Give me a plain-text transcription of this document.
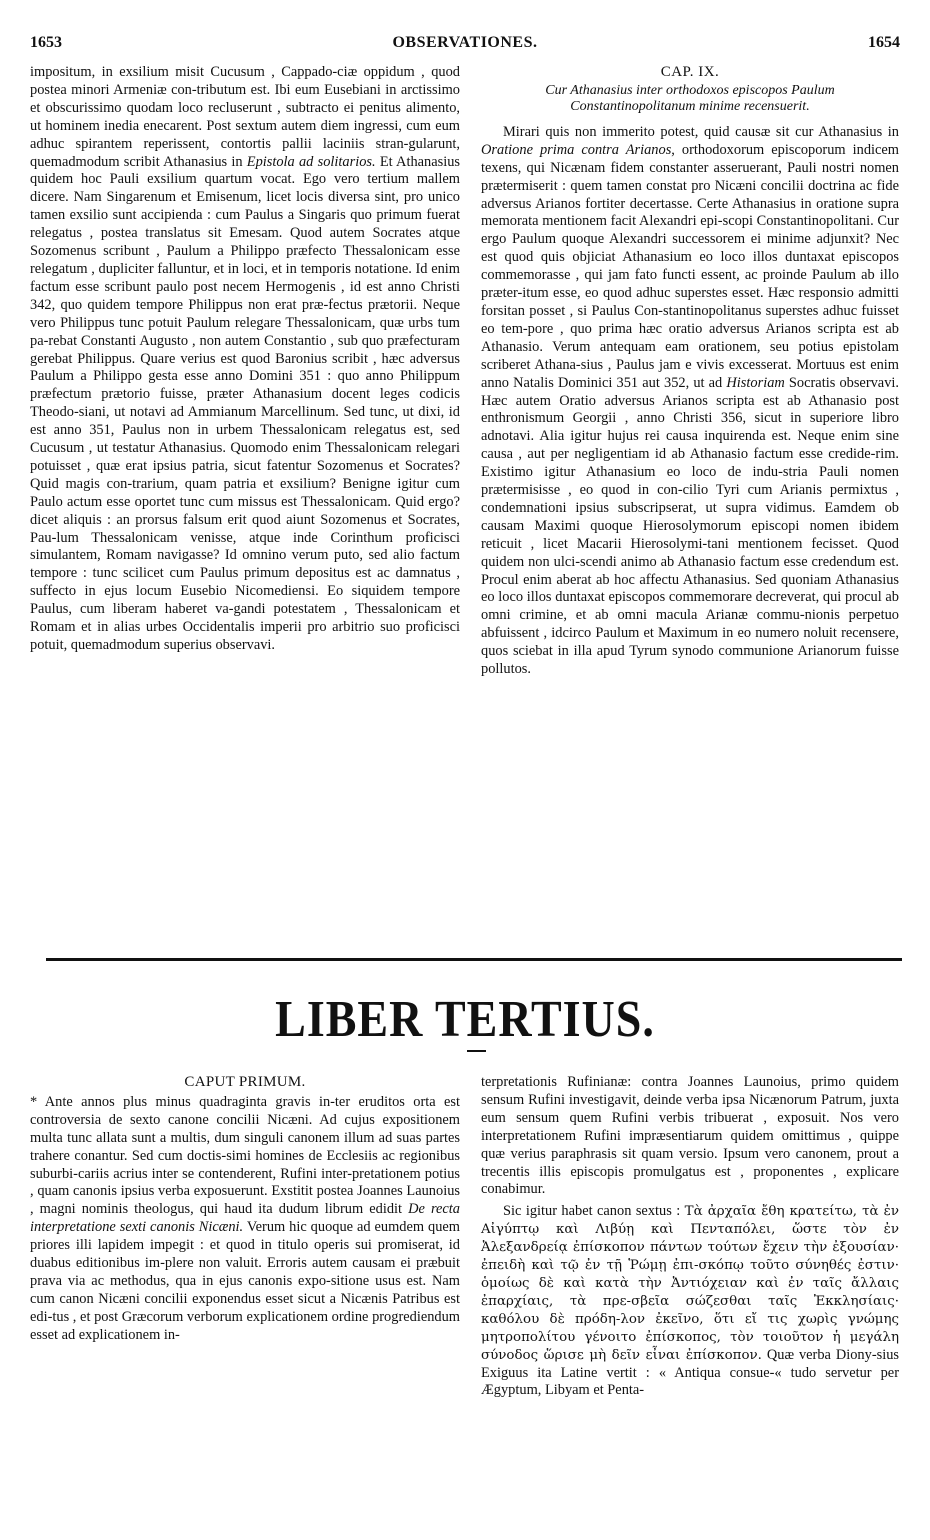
1653	OBSERVATIONES.	1654

impositum, in exsilium misit Cucusum , Cappado-ciæ oppidum , quod postea minori Armeniæ con-tributum est. Ibi eum Eusebiani in arctissimo et obscurissimo quodam loco recluserunt , subtracto ei penitus alimento, ut hominem inedia enecarent. Post sextum autem diem ingressi, cum eum adhuc spirantem reperissent, contortis pallii laciniis stran-gularunt, quemadmodum scribit Athanasius in Epistola ad solitarios. Et Athanasius quidem hoc Pauli exsilium quartum vocat. Ego vero tertium mallem dicere. Nam Singarenum et Emisenum, licet locis diversa sint, pro unico tamen exsilio sunt accipienda : cum Paulus a Singaris quo primum fuerat relegatus , postea translatus sit Emesam. Quod autem Socrates atque Sozomenus scribunt , Paulum a Philippo præfecto Thessalonicam esse relegatum , dupliciter falluntur, et in loci, et in temporis notatione. Id enim factum esse scribunt paulo post necem Hermogenis , id est anno Christi 342, quo quidem tempore Philippus non erat præ-fectus prætorii. Neque vero Philippus tunc potuit Paulum relegare Thessalonicam, quæ urbs tum pa-rebat Constanti Augusto , non autem Constantio , sub quo præfecturam gerebat Philippus. Quare verius est quod Baronius scribit , hæc adversus Paulum a Philippo gesta esse anno Domini 351 : quo anno Philippum præfectum prætorio fuisse, præter Athanasium docent leges codicis Theodo-siani, ut notavi ad Ammianum Marcellinum. Sed tunc, ut dixi, id est anno 351, Paulus non in urbem Thessalonicam relegatus est, sed Cucusum , ut testatur Athanasius. Quomodo enim Thessalonicam relegari potuisset , quæ erat ipsius patria, sicut fatentur Sozomenus et Socrates? Quid magis con-trarium, quam patria et exsilium? Benigne igitur cum Paulo actum esse oportet tunc cum missus est Thessalonicam. Quid ergo? dicet aliquis : an prorsus falsum erit quod aiunt Sozomenus et Socrates, Pau-lum Thessalonicam venisse, atque inde Corinthum proficisci simulantem, Romam navigasse? Id omnino verum puto, sed alio factum tempore : tunc scilicet cum Paulus primum depositus est ac damnatus , suffecto in ejus locum Eusebio Nicomediensi. Eo siquidem tempore Paulus, cum liberam haberet va-gandi potestatem , Thessalonicam et Romam et in alias urbes Occidentalis imperii pro arbitrio suo proficisci potuit, quemadmodum superius observavi.

CAP. IX.
Cur Athanasius inter orthodoxos episcopos Paulum Constantinopolitanum minime recensuerit.

Mirari quis non immerito potest, quid causæ sit cur Athanasius in Oratione prima contra Arianos, orthodoxorum episcoporum indicem texens, qui Nicænam fidem constanter asseruerant, Pauli nostri nomen prætermiserit : quem tamen constat pro Nicæni concilii doctrina ac fide adversus Arianos fortiter decertasse. Certe Athanasius in oratione supra memorata mentionem facit Alexandri epi-scopi Constantinopolitani. Cur ergo Paulum quoque Alexandri successorem ei minime adjunxit? Nec est quod quis objiciat Athanasium eo loco illos duntaxat episcopos commemorasse , qui jam fato functi essent, ac proinde Paulum ab illo præter-itum esse, eo quod adhuc superstes esset. Hæc responsio admitti forsitan posset , si Paulus Con-stantinopolitanus superstes adhuc fuisset eo tem-pore , quo prima hæc oratio adversus Arianos scripta est ab Athanasio. Verum antequam eam orationem, seu potius epistolam scriberet Athana-sius , Paulus jam e vivis excesserat. Mortuus est enim anno Natalis Dominici 351 aut 352, ut ad Historiam Socratis observavi. Hæc autem Oratio adversus Arianos scripta est ab Athanasio post enthronismum Georgii , anno Christi 356, sicut in superiore libro adnotavi. Alia igitur hujus rei causa inquirenda est. Neque enim sine causa , aut per negligentiam id ab Athanasio factum esse credide-rim. Existimo igitur Athanasium eo loco de indu-stria Pauli nomen prætermisisse , eo quod in con-cilio Tyri cum Arianis permixtus , condemnationi ipsius subscripserat, ut supra vidimus. Eamdem ob causam Maximi quoque Hierosolymorum episcopi nomen ibidem reticuit , licet Macarii Hierosolymi-tani mentionem fecisset. Quod quidem non ulci-scendi animo ab Athanasio factum esse credendum est. Procul enim aberat ab hoc affectu Athanasius. Sed quoniam Athanasius eo loco illos duntaxat episcopos commemorare decreverat, qui procul ab omni crimine, et ab omni macula Arianæ commu-nionis perpetuo abfuissent , idcirco Paulum et Maximum in eo numero noluit recensere, quos sciebat in illa apud Tyrum synodo communione Arianorum fuisse pollutos.

LIBER TERTIUS.
CAPUT PRIMUM.

* Ante annos plus minus quadraginta gravis in-ter eruditos orta est controversia de sexto canone concilii Nicæni. Ad cujus expositionem multa tunc allata sunt a multis, dum singuli canonem illum ad suas partes trahere conantur. Sed cum doctis-simi homines de Ecclesiis ac regionibus suburbi-cariis acrius inter se contenderent, Rufini inter-pretationem potius , quam canonis ipsius verba exposuerunt. Exstitit postea Joannes Launoius , magni nominis theologus, qui haud ita dudum librum edidit De recta interpretatione sexti canonis Nicæni. Verum hic quoque ad eumdem quem priores illi lapidem impegit : et quod in titulo operis sui promiserat, id duabus editionibus im-plere non valuit. Erroris autem causam ei præbuit prava via ac methodus, qua in ejus canonis expo-sitione usus est. Nam cum canon Nicæni concilii exponendus esset sicut a Nicænis Patribus est edi-tus , et post Græcorum verborum explicationem ordine progrediendum esset ad explicationem in-

terpretationis Rufinianæ: contra Joannes Launoius, primo quidem sensum Rufini investigavit, deinde verba ipsa Nicænorum Patrum, juxta eum sensum quem Rufini verbis tribuerat , exposuit. Nos vero interpretationem Rufini impræsentiarum quidem omittimus , quippe quæ verius paraphrasis sit quam versio. Ipsum vero canonem, prout a trecentis illis episcopis promulgatus est , proponentes , explicare conabimur.

Sic igitur habet canon sextus : Τὰ ἀρχαῖα ἔθη κρατείτω, τὰ ἐν Αἰγύπτῳ καὶ Λιβύῃ καὶ Πενταπόλει, ὥστε τὸν ἐν Ἀλεξανδρείᾳ ἐπίσκοπον πάντων τούτων ἔχειν τὴν ἐξουσίαν· ἐπειδὴ καὶ τῷ ἐν τῇ Ῥώμῃ ἐπι-σκόπῳ τοῦτο σύνηθές ἐστιν· ὁμοίως δὲ καὶ κατὰ τὴν Ἀντιόχειαν καὶ ἐν ταῖς ἄλλαις ἐπαρχίαις, τὰ πρε-σβεῖα σώζεσθαι ταῖς Ἐκκλησίαις· καθόλου δὲ πρόδη-λον ἐκεῖνο, ὅτι εἴ τις χωρὶς γνώμης μητροπολίτου γένοιτο ἐπίσκοπος, τὸν τοιοῦτον ἡ μεγάλη σύνοδος ὥρισε μὴ δεῖν εἶναι ἐπίσκοπον. Quæ verba Diony-sius Exiguus ita Latine vertit : « Antiqua consue-« tudo servetur per Ægyptum, Libyam et Penta-
